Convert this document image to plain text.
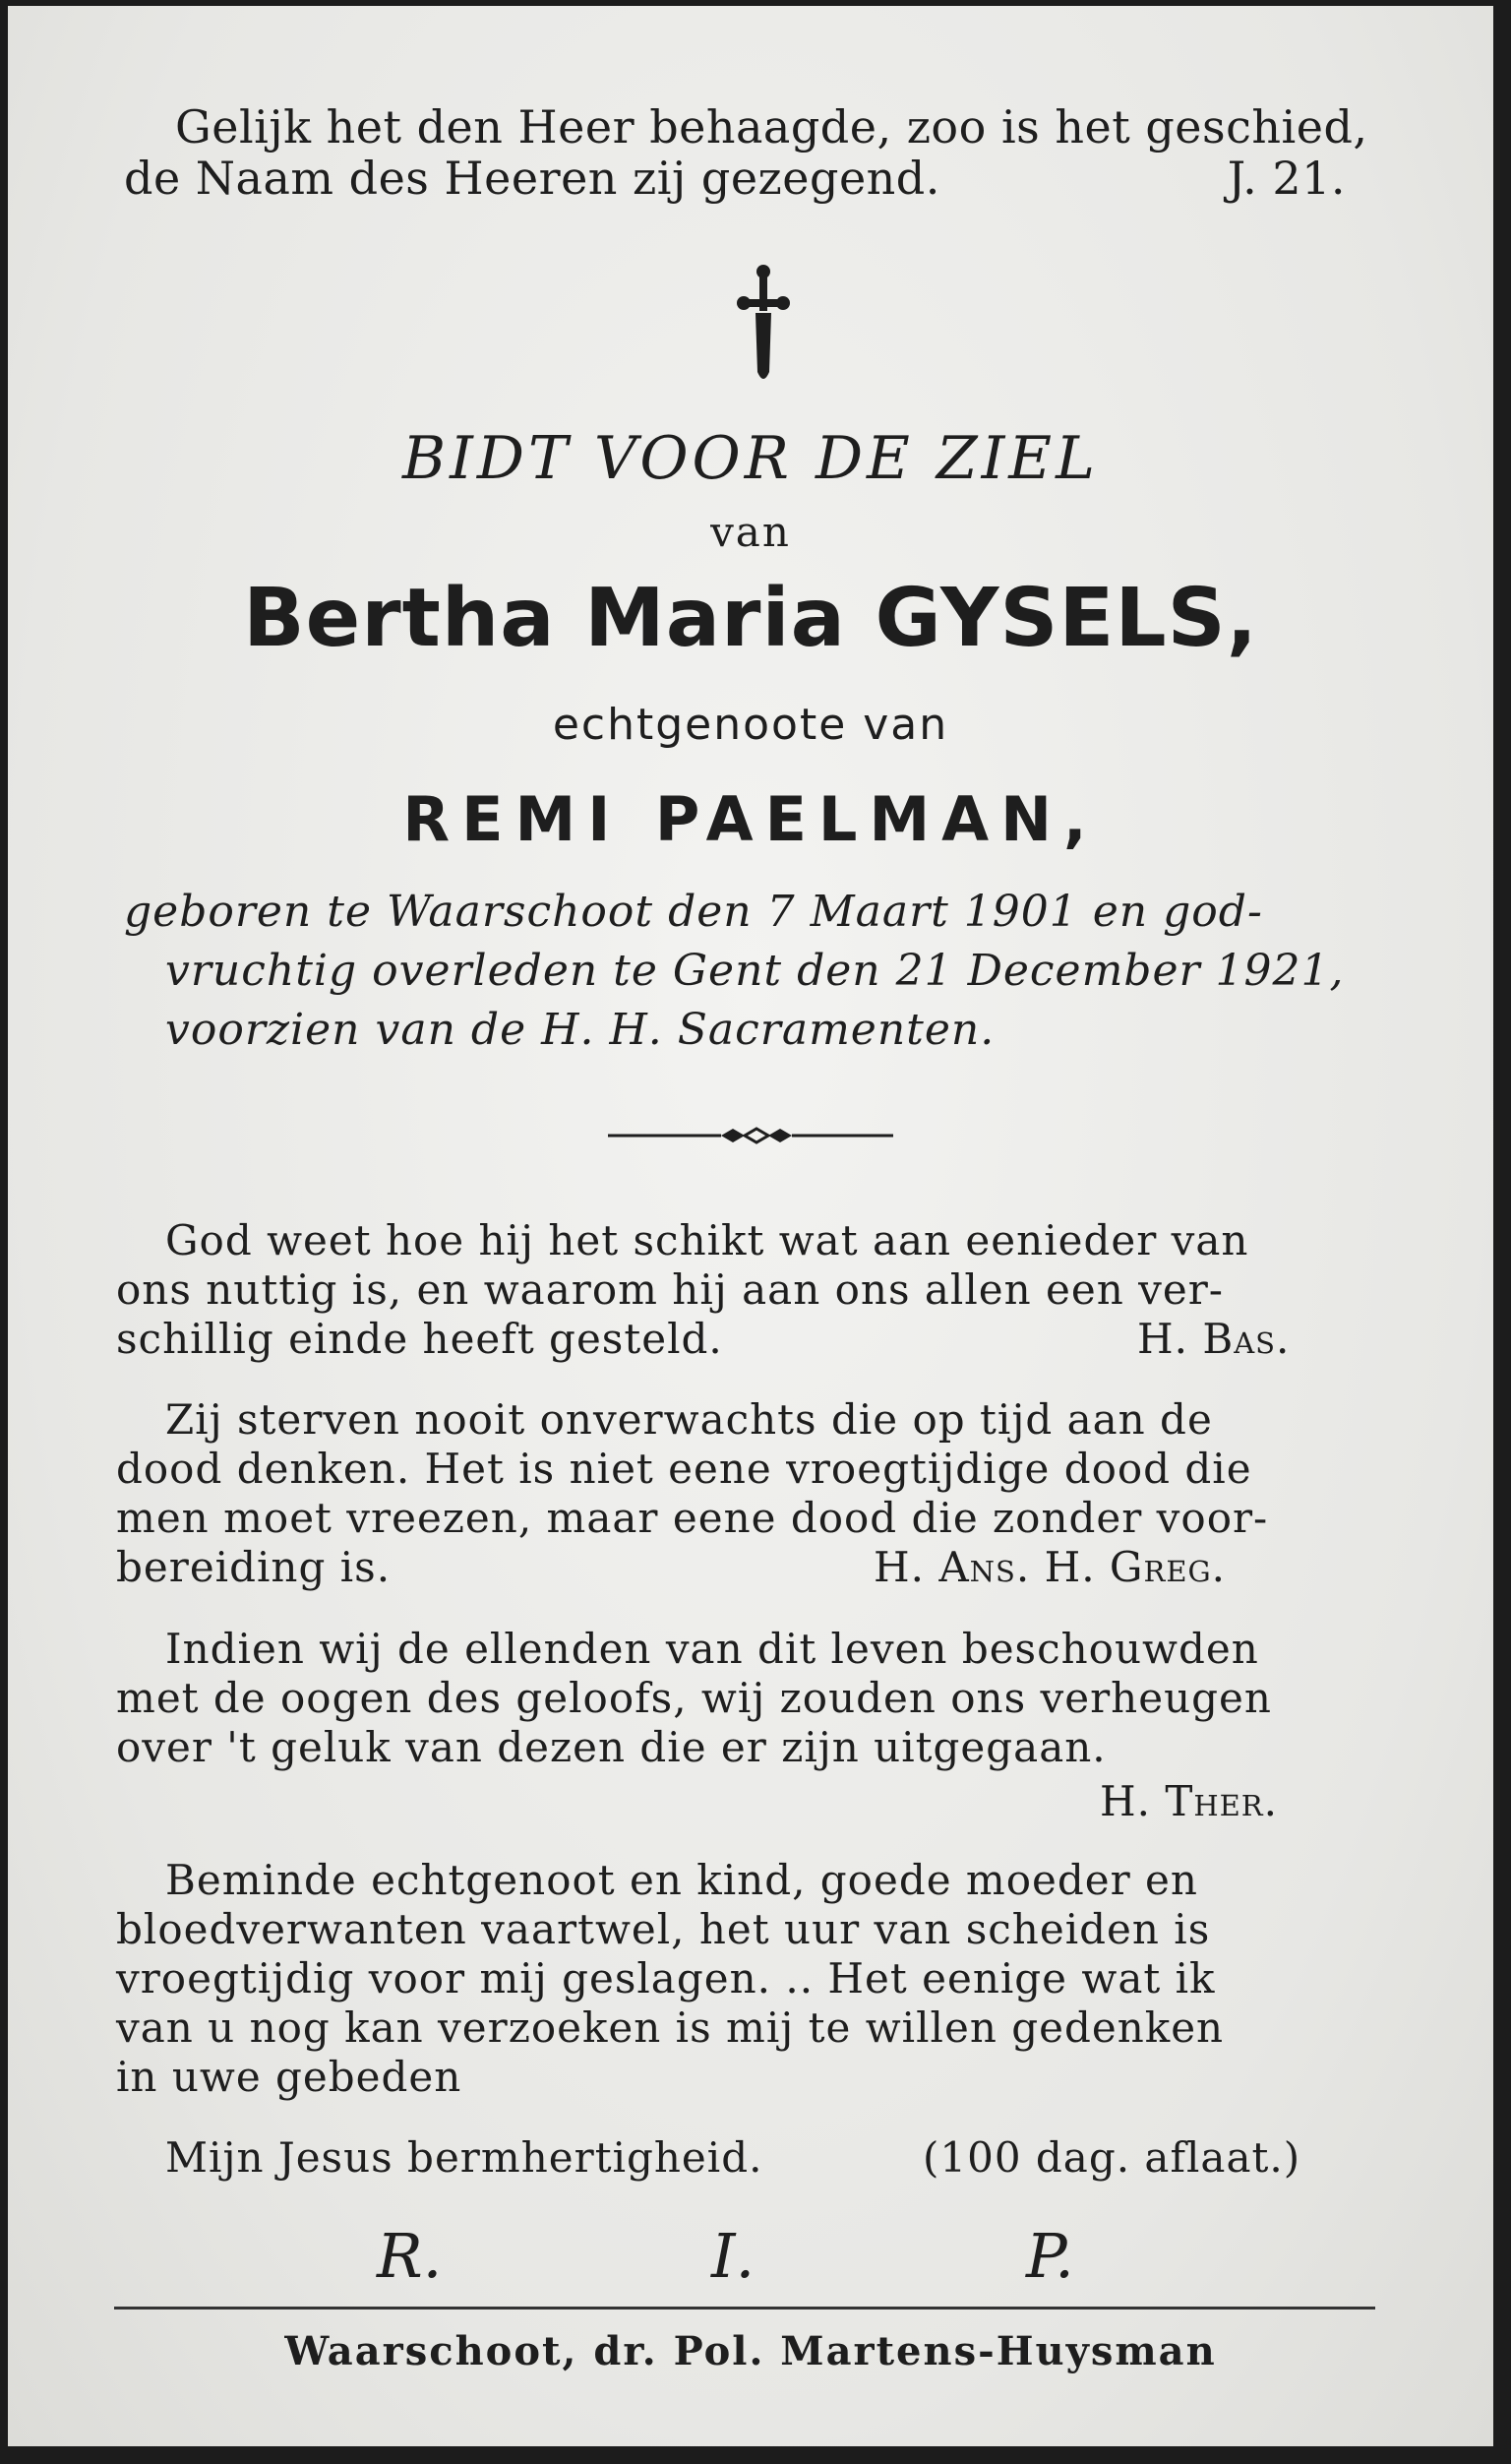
Gelijk het den Heer behaagde, zoo is het geschied,
de Naam des Heeren zij gezegend.	J. 21.
BIDT VOOR DE ZIEL
van
Bertha Maria GYSELS,
echtgenoote van
REMI PAELMAN,
geboren te Waarschoot den 7 Maart 1901 en god-
vruchtig overleden te Gent den 21 December 1921,
voorzien van de H. H. Sacramenten.
God weet hoe hij het schikt wat aan eenieder van
ons nuttig is, en waarom hij aan ons allen een ver-
schillig einde heeft gesteld.	H. Bas.
Zij sterven nooit onverwachts die op tijd aan de
dood denken. Het is niet eene vroegtijdige dood die
men moet vreezen, maar eene dood die zonder voor-
bereiding is.	H. Ans. H. Greg.
Indien wij de ellenden van dit leven beschouwden
met de oogen des geloofs, wij zouden ons verheugen
over 't geluk van dezen die er zijn uitgegaan.
H. Ther.
Beminde echtgenoot en kind, goede moeder en
bloedverwanten vaartwel, het uur van scheiden is
vroegtijdig voor mij geslagen. .. Het eenige wat ik
van u nog kan verzoeken is mij te willen gedenken
in uwe gebeden
Mijn Jesus bermhertigheid.	(100 dag. aflaat.)
R.	I.	P.
Waarschoot, dr. Pol. Martens-Huysman
